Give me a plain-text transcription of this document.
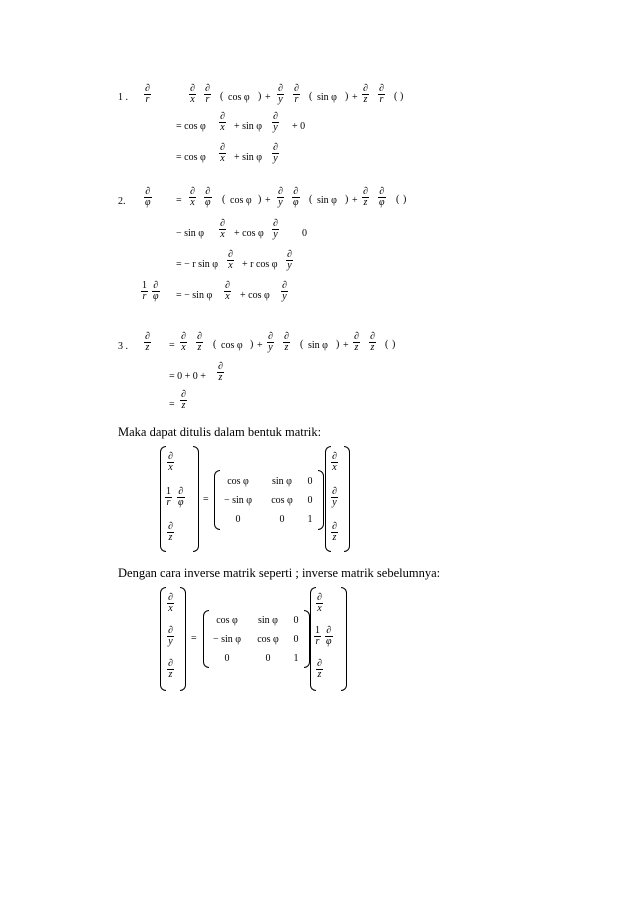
1 .
∂
r
∂
x
∂
r ( cos φ ) +
∂
y
∂
r ( sin φ ) +
∂
z
∂
r ( )
= cos φ
∂
x + sin φ
∂
y + 0
= cos φ
∂
x + sin φ
∂
y
2.
∂
φ	=
∂
x
∂
φ ( cos φ ) +
∂
y
∂
φ ( sin φ ) +
∂
z
∂
φ ( )
− sin φ
∂
x + cos φ
∂
y 0
= − r sin φ
∂
x + r cos φ
∂
y
$\frac{1}{r}$ ∂
φ = − sin φ
∂
x + cos φ
∂
y
3 .
∂
z =
∂
x
∂
z ( cos φ ) +
∂
y
∂
z ( sin φ ) +
∂
z
∂
z ( )
= 0 + 0 +
∂
z
=
∂
z
Maka dapat ditulis dalam bentuk matrik:
∂
x
$\frac{1}{r}$ ∂
φ
∂
z
=
cos φ	sin φ	0
− sin φ	cos φ	0
0	0	1
∂
x
∂
y
∂
z
Dengan cara inverse matrik seperti ; inverse matrik sebelumnya:
∂
x
∂
y
∂
z
=
cos φ	sin φ	0
− sin φ	cos φ	0
0	0	1
∂
x
$\frac{1}{r}$ ∂
φ
∂
z
